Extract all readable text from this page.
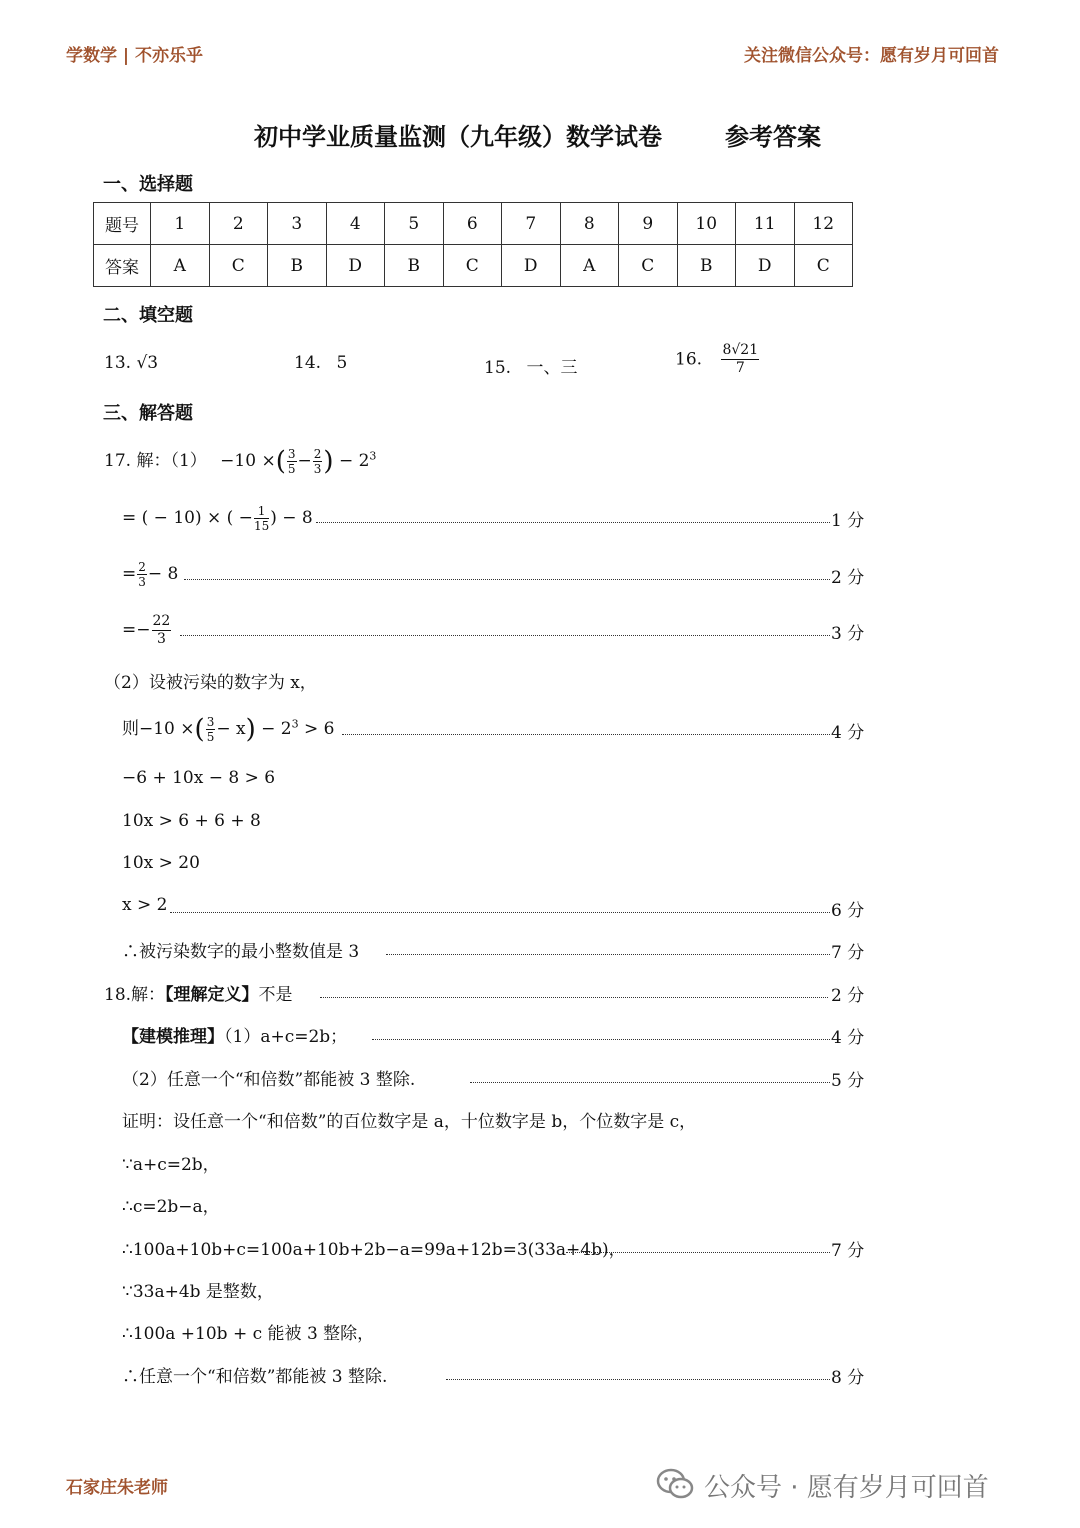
学数学 | 不亦乐乎	关注微信公众号：愿有岁月可回首
初中学业质量监测（九年级）数学试卷	参考答案
一、选择题
题号	1	2	3	4	5	6	7	8	9	10	11	12
答案	A	C	B	D	B	C	D	A	C	B	D	C
二、填空题
13. √3	14. 5	15. 一、三	16. $\frac{8√21}{7}$
三、解答题
17. 解：（1） −10 ×( $\frac{3}{5} - \frac{2}{3}$ ) − $2^3$
= ( − 10) × ( − $\frac{1}{15}$ ) − 8	1 分
= $\frac{2}{3} - 8$	2 分
=− $\frac{22}{3}$	3 分
（2）设被污染的数字为 x，
则−10 ×( $\frac{3}{5} - x) - 2^3 > 6$	4 分
−6 + 10x − 8 > 6
10x > 6 + 6 + 8
10x > 20
x > 2	6 分
∴被污染数字的最小整数值是 3	7 分
18.解：【理解定义】不是	2 分
【建模推理】（1）a+c=2b；	4 分
（2）任意一个“和倍数”都能被 3 整除.	5 分
证明：设任意一个“和倍数”的百位数字是 a，十位数字是 b，个位数字是 c，
∵a+c=2b，
∴c=2b−a，
∴100a+10b+c=100a+10b+2b−a=99a+12b=3(33a+4b)，	7 分
∵33a+4b 是整数，
∴100a +10b + c 能被 3 整除，
∴任意一个“和倍数”都能被 3 整除.	8 分
石家庄朱老师	公众号 · 愿有岁月可回首
